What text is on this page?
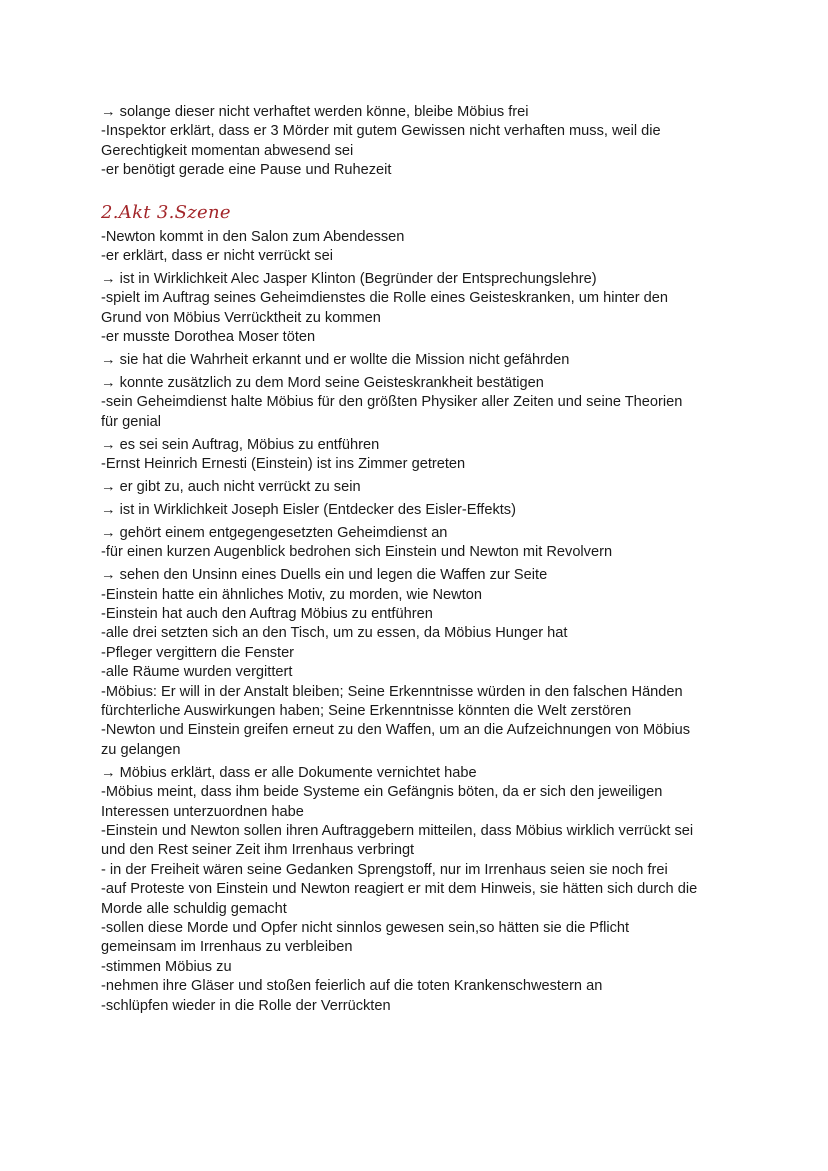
→ solange dieser nicht verhaftet werden könne, bleibe Möbius frei
-Inspektor erklärt, dass er 3 Mörder mit gutem Gewissen nicht verhaften muss, weil die
Gerechtigkeit momentan abwesend sei
-er benötigt gerade eine Pause und Ruhezeit
2.Akt 3.Szene
-Newton kommt in den Salon zum Abendessen
-er erklärt, dass er nicht verrückt sei
→ ist in Wirklichkeit Alec Jasper Klinton (Begründer der Entsprechungslehre)
-spielt im Auftrag seines Geheimdienstes die Rolle eines Geisteskranken, um hinter den
Grund von Möbius Verrücktheit zu kommen
-er musste Dorothea Moser töten
→ sie hat die Wahrheit erkannt und er wollte die Mission nicht gefährden
→ konnte zusätzlich zu dem Mord seine Geisteskrankheit bestätigen
-sein Geheimdienst halte Möbius für den größten Physiker aller Zeiten und seine Theorien
für genial
→ es sei sein Auftrag, Möbius zu entführen
-Ernst Heinrich Ernesti (Einstein) ist ins Zimmer getreten
→ er gibt zu, auch nicht verrückt zu sein
→ ist in Wirklichkeit Joseph Eisler (Entdecker des Eisler-Effekts)
→ gehört einem entgegengesetzten Geheimdienst an
-für einen kurzen Augenblick bedrohen sich Einstein und Newton mit Revolvern
→ sehen den Unsinn eines Duells ein und legen die Waffen zur Seite
-Einstein hatte ein ähnliches Motiv, zu morden, wie Newton
-Einstein hat auch den Auftrag Möbius zu entführen
-alle drei setzten sich an den Tisch, um zu essen, da Möbius Hunger hat
-Pfleger vergittern die Fenster
-alle Räume wurden vergittert
-Möbius: Er will in der Anstalt bleiben; Seine Erkenntnisse würden in den falschen Händen
fürchterliche Auswirkungen haben; Seine Erkenntnisse könnten die Welt zerstören
-Newton und Einstein greifen erneut zu den Waffen, um an die Aufzeichnungen von Möbius
zu gelangen
→ Möbius erklärt, dass er alle Dokumente vernichtet habe
-Möbius meint, dass ihm beide Systeme ein Gefängnis böten, da er sich den jeweiligen
Interessen unterzuordnen habe
-Einstein und Newton sollen ihren Auftraggebern mitteilen, dass Möbius wirklich verrückt sei
und den Rest seiner Zeit ihm Irrenhaus verbringt
- in der Freiheit wären seine Gedanken Sprengstoff, nur im Irrenhaus seien sie noch frei
-auf Proteste von Einstein und Newton reagiert er mit dem Hinweis, sie hätten sich durch die
Morde alle schuldig gemacht
-sollen diese Morde und Opfer nicht sinnlos gewesen sein,so hätten sie die Pflicht
gemeinsam im Irrenhaus zu verbleiben
-stimmen Möbius zu
-nehmen ihre Gläser und stoßen feierlich auf die toten Krankenschwestern an
-schlüpfen wieder in die Rolle der Verrückten
